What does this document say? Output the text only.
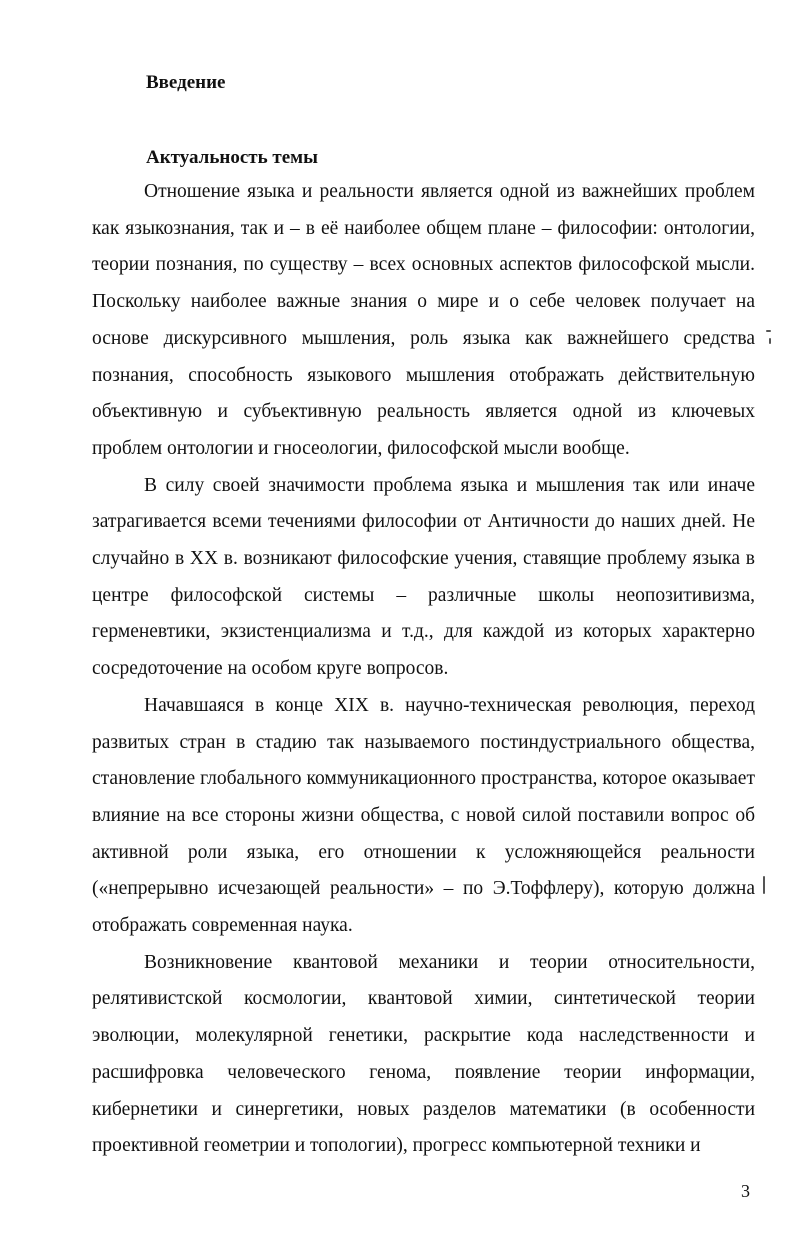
Введение
Актуальность темы

Отношение языка и реальности является одной из важнейших проблем как языкознания, так и – в её наиболее общем плане – философии: онтологии, теории познания, по существу – всех основных аспектов философской мысли. Поскольку наиболее важные знания о мире и о себе человек получает на основе дискурсивного мышления, роль языка как важнейшего средства познания, способность языкового мышления отображать действительную объективную и субъективную реальность является одной из ключевых проблем онтологии и гносеологии, философской мысли вообще.

В силу своей значимости проблема языка и мышления так или иначе затрагивается всеми течениями философии от Античности до наших дней. Не случайно в XX в. возникают философские учения, ставящие проблему языка в центре философской системы – различные школы неопозитивизма, герменевтики, экзистенциализма и т.д., для каждой из которых характерно сосредоточение на особом круге вопросов.

Начавшаяся в конце XIX в. научно-техническая революция, переход развитых стран в стадию так называемого постиндустриального общества, становление глобального коммуникационного пространства, которое оказывает влияние на все стороны жизни общества, с новой силой поставили вопрос об активной роли языка, его отношении к усложняющейся реальности («непрерывно исчезающей реальности» – по Э.Тоффлеру), которую должна отображать современная наука.

Возникновение квантовой механики и теории относительности, релятивистской космологии, квантовой химии, синтетической теории эволюции, молекулярной генетики, раскрытие кода наследственности и расшифровка человеческого генома, появление теории информации, кибернетики и синергетики, новых разделов математики (в особенности проективной геометрии и топологии), прогресс компьютерной техники и

3
